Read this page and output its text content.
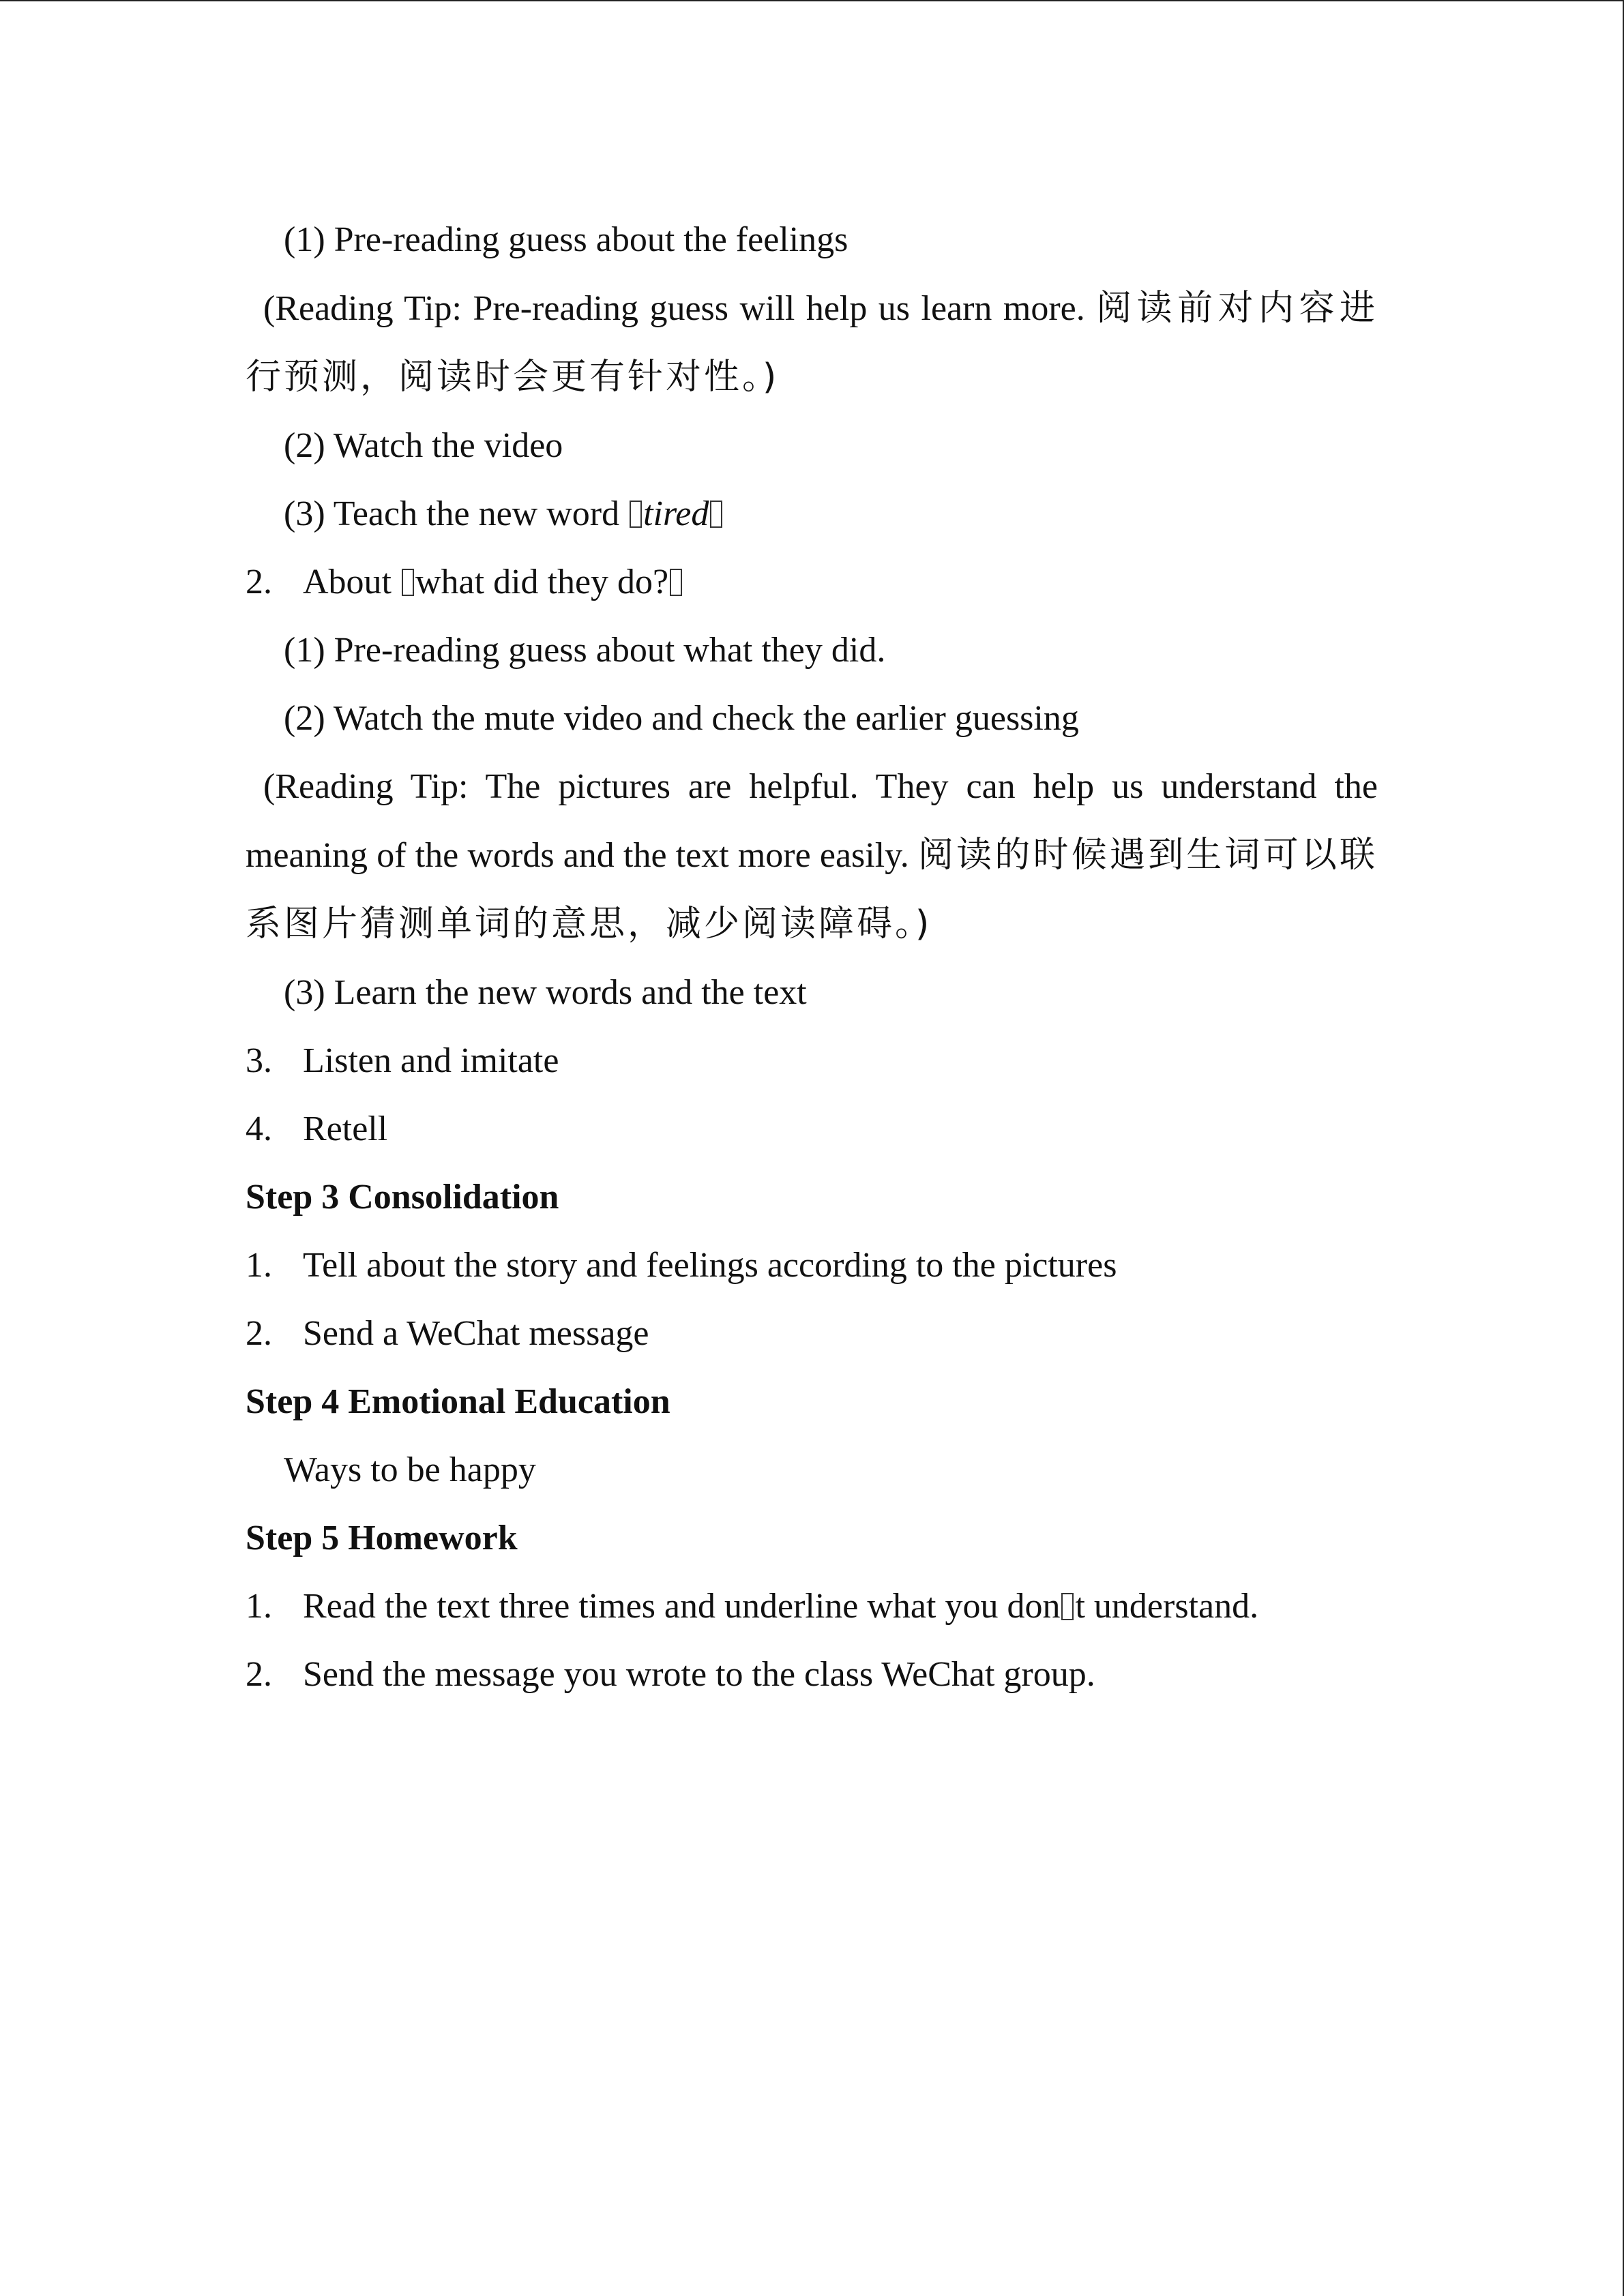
(1) Pre-reading guess about the feelings
(Reading Tip: Pre-reading guess will help us learn more. 阅读前对内容进行预测，阅读时会更有针对性。)
(2) Watch the video
(3) Teach the new word tired
2. About what did they do?
(1) Pre-reading guess about what they did.
(2) Watch the mute video and check the earlier guessing
(Reading Tip: The pictures are helpful. They can help us understand the meaning of the words and the text more easily. 阅读的时候遇到生词可以联系图片猜测单词的意思，减少阅读障碍。)
(3) Learn the new words and the text
3. Listen and imitate
4. Retell
Step 3 Consolidation
1. Tell about the story and feelings according to the pictures
2. Send a WeChat message
Step 4 Emotional Education
Ways to be happy
Step 5 Homework
1. Read the text three times and underline what you don t understand.
2. Send the message you wrote to the class WeChat group.
